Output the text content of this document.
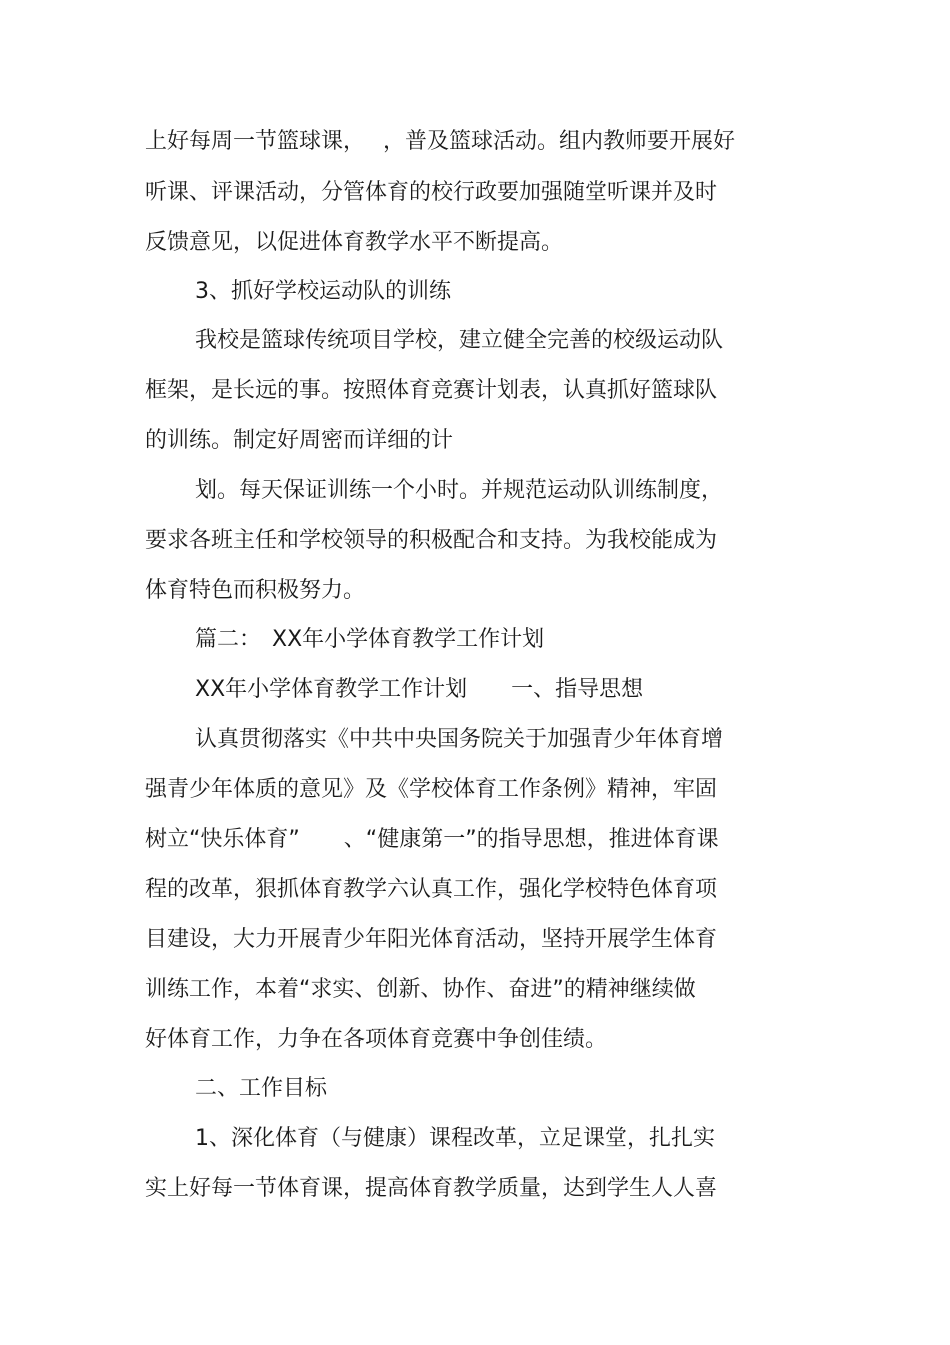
上好每周一节篮球课，　 ，普及篮球活动。组内教师要开展好
听课、评课活动，分管体育的校行政要加强随堂听课并及时
反馈意见，以促进体育教学水平不断提高。
3、抓好学校运动队的训练
我校是篮球传统项目学校，建立健全完善的校级运动队
框架，是长远的事。按照体育竞赛计划表，认真抓好篮球队
的训练。制定好周密而详细的计
划。每天保证训练一个小时。并规范运动队训练制度，
要求各班主任和学校领导的积极配合和支持。为我校能成为
体育特色而积极努力。
篇二：　XX年小学体育教学工作计划
XX年小学体育教学工作计划　　一、指导思想
认真贯彻落实《中共中央国务院关于加强青少年体育增
强青少年体质的意见》及《学校体育工作条例》精神，牢固
树立“快乐体育”　　、“健康第一”的指导思想，推进体育课
程的改革，狠抓体育教学六认真工作，强化学校特色体育项
目建设，大力开展青少年阳光体育活动，坚持开展学生体育
训练工作，本着“求实、创新、协作、奋进”的精神继续做
好体育工作，力争在各项体育竞赛中争创佳绩。
二、工作目标
1、深化体育（与健康）课程改革，立足课堂，扎扎实
实上好每一节体育课，提高体育教学质量，达到学生人人喜
